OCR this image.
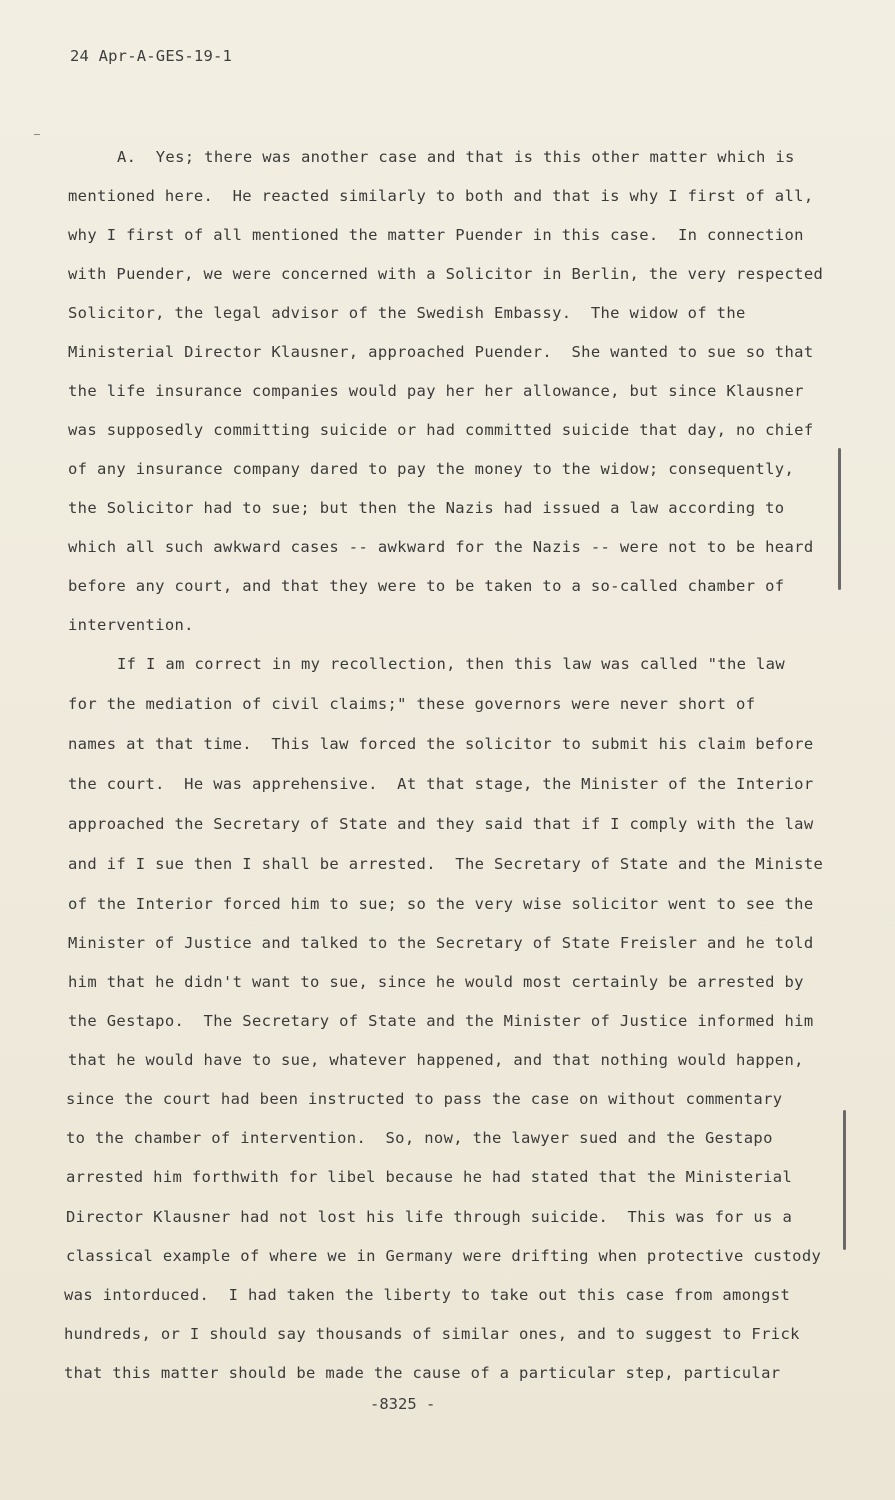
24 Apr-A-GES-19-1
A.  Yes; there was another case and that is this other matter which is
mentioned here.  He reacted similarly to both and that is why I first of all,
why I first of all mentioned the matter Puender in this case.  In connection
with Puender, we were concerned with a Solicitor in Berlin, the very respected
Solicitor, the legal advisor of the Swedish Embassy.  The widow of the
Ministerial Director Klausner, approached Puender.  She wanted to sue so that
the life insurance companies would pay her her allowance, but since Klausner
was supposedly committing suicide or had committed suicide that day, no chief
of any insurance company dared to pay the money to the widow; consequently,
the Solicitor had to sue; but then the Nazis had issued a law according to
which all such awkward cases -- awkward for the Nazis -- were not to be heard
before any court, and that they were to be taken to a so-called chamber of
intervention.
If I am correct in my recollection, then this law was called "the law
for the mediation of civil claims;" these governors were never short of
names at that time.  This law forced the solicitor to submit his claim before
the court.  He was apprehensive.  At that stage, the Minister of the Interior
approached the Secretary of State and they said that if I comply with the law
and if I sue then I shall be arrested.  The Secretary of State and the Ministe
of the Interior forced him to sue; so the very wise solicitor went to see the
Minister of Justice and talked to the Secretary of State Freisler and he told
him that he didn't want to sue, since he would most certainly be arrested by
the Gestapo.  The Secretary of State and the Minister of Justice informed him
that he would have to sue, whatever happened, and that nothing would happen,
since the court had been instructed to pass the case on without commentary
to the chamber of intervention.  So, now, the lawyer sued and the Gestapo
arrested him forthwith for libel because he had stated that the Ministerial
Director Klausner had not lost his life through suicide.  This was for us a
classical example of where we in Germany were drifting when protective custody
was intorduced.  I had taken the liberty to take out this case from amongst
hundreds, or I should say thousands of similar ones, and to suggest to Frick
that this matter should be made the cause of a particular step, particular
-8325 -
